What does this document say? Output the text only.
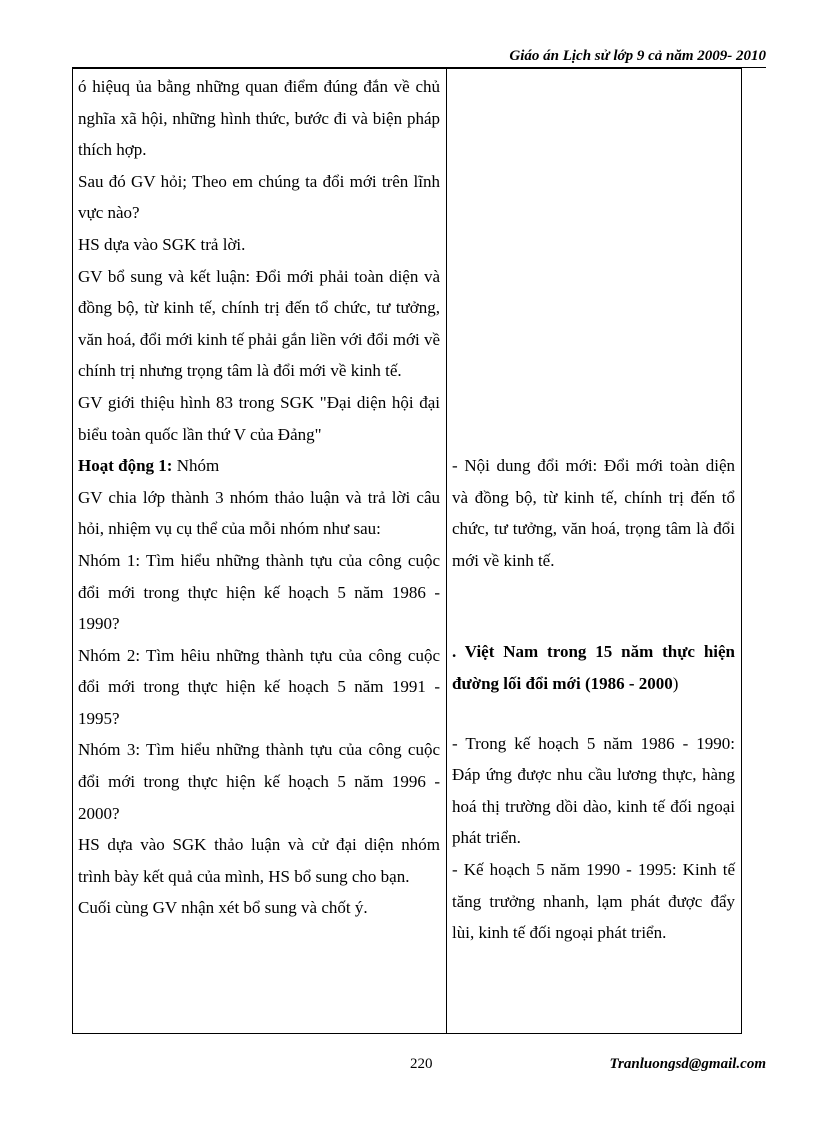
Giáo án Lịch sử lớp 9 cả năm 2009- 2010
ó hiệuq ủa bằng những quan điểm đúng đắn về chủ nghĩa xã hội, những hình thức, bước đi và biện pháp thích hợp.
Sau đó GV hỏi; Theo em chúng ta đổi mới trên lĩnh vực nào?
HS dựa vào SGK trả lời.
GV bổ sung và kết luận: Đổi mới phải toàn diện và đồng bộ, từ kinh tế, chính trị đến tổ chức, tư tưởng, văn hoá, đổi mới kinh tế phải gắn liền với đổi mới về chính trị nhưng trọng tâm là đổi mới về kinh tế.
GV giới thiệu hình 83 trong SGK "Đại diện hội đại biểu toàn quốc lần thứ V của Đảng"
Hoạt động 1: Nhóm
GV chia lớp thành 3 nhóm thảo luận và trả lời câu hỏi, nhiệm vụ cụ thể của mỗi nhóm như sau:
Nhóm 1: Tìm hiểu những thành tựu của công cuộc đổi mới trong thực hiện kế hoạch 5 năm 1986 - 1990?
Nhóm 2: Tìm hêiu những thành tựu của công cuộc đổi mới trong thực hiện kế hoạch 5 năm 1991 - 1995?
Nhóm 3: Tìm hiểu những thành tựu của công cuộc đổi mới trong thực hiện kế hoạch 5 năm 1996 - 2000?
HS dựa vào SGK thảo luận và cử đại diện nhóm trình bày kết quả của mình, HS bổ sung cho bạn.
Cuối cùng GV nhận xét bổ sung và chốt ý.

- Nội dung đổi mới: Đổi mới toàn diện và đồng bộ, từ kinh tế, chính trị đến tổ chức, tư tưởng, văn hoá, trọng tâm là đổi mới về kinh tế.
. Việt Nam trong 15 năm thực hiện đường lối đổi mới (1986 - 2000)
- Trong kế hoạch 5 năm 1986 - 1990: Đáp ứng được nhu cầu lương thực, hàng hoá thị trường dồi dào, kinh tế đối ngoại phát triển.
- Kế hoạch 5 năm 1990 - 1995: Kinh tế tăng trưởng nhanh, lạm phát được đẩy lùi, kinh tế đối ngoại phát triển.
220	Tranluongsd@gmail.com
